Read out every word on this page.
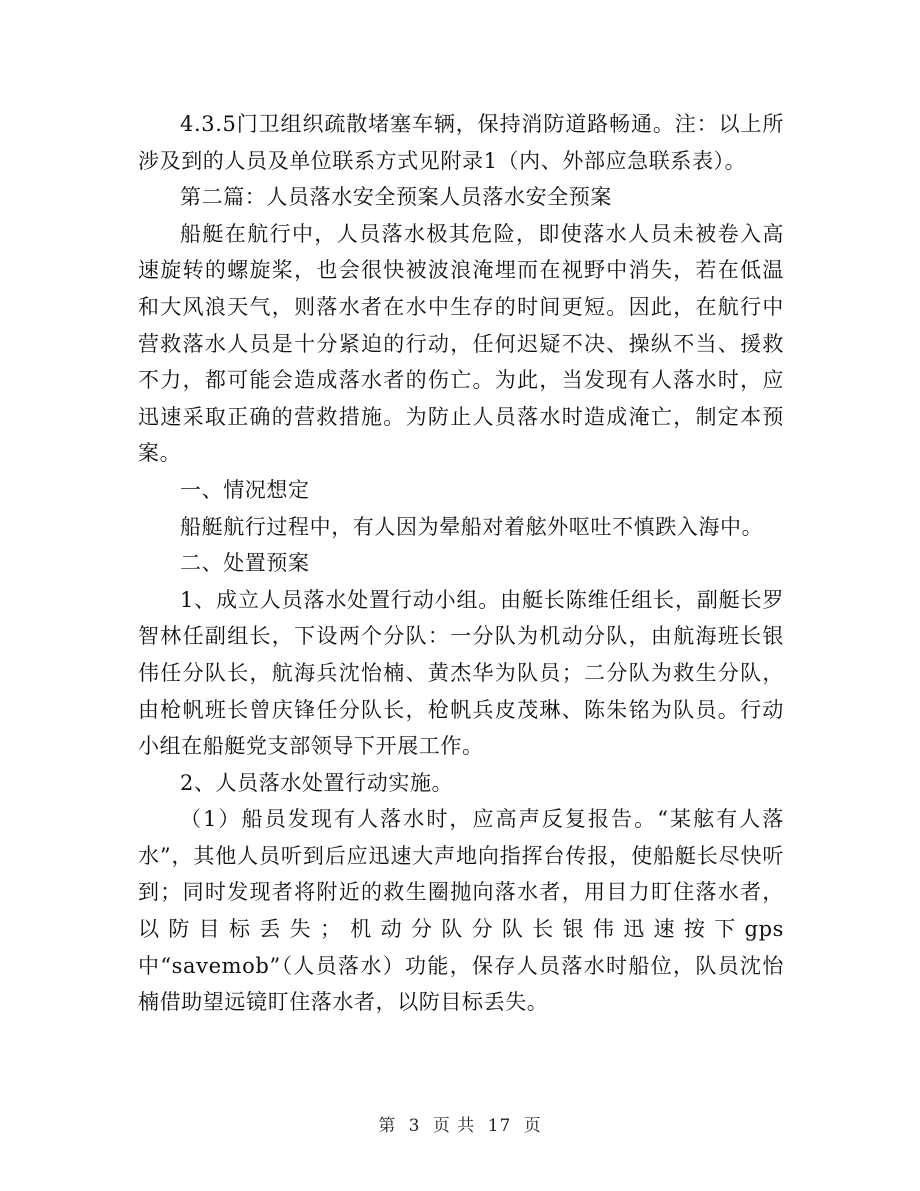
4.3.5门卫组织疏散堵塞车辆，保持消防道路畅通。注：以上所涉及到的人员及单位联系方式见附录1（内、外部应急联系表）。

第二篇：人员落水安全预案人员落水安全预案

船艇在航行中，人员落水极其危险，即使落水人员未被卷入高速旋转的螺旋桨，也会很快被波浪淹埋而在视野中消失，若在低温和大风浪天气，则落水者在水中生存的时间更短。因此，在航行中营救落水人员是十分紧迫的行动，任何迟疑不决、操纵不当、援救不力，都可能会造成落水者的伤亡。为此，当发现有人落水时，应迅速采取正确的营救措施。为防止人员落水时造成淹亡，制定本预案。

一、情况想定

船艇航行过程中，有人因为晕船对着舷外呕吐不慎跌入海中。

二、处置预案

1、成立人员落水处置行动小组。由艇长陈维任组长，副艇长罗智林任副组长，下设两个分队：一分队为机动分队，由航海班长银伟任分队长，航海兵沈怡楠、黄杰华为队员；二分队为救生分队，由枪帆班长曾庆锋任分队长，枪帆兵皮茂琳、陈朱铭为队员。行动小组在船艇党支部领导下开展工作。

2、人员落水处置行动实施。

（1）船员发现有人落水时，应高声反复报告。“某舷有人落水”，其他人员听到后应迅速大声地向指挥台传报，使船艇长尽快听到；同时发现者将附近的救生圈抛向落水者，用目力盯住落水者，以防目标丢失；机动分队分队长银伟迅速按下gps中“savemob”（人员落水）功能，保存人员落水时船位，队员沈怡楠借助望远镜盯住落水者，以防目标丢失。

第 3 页 共 17 页
